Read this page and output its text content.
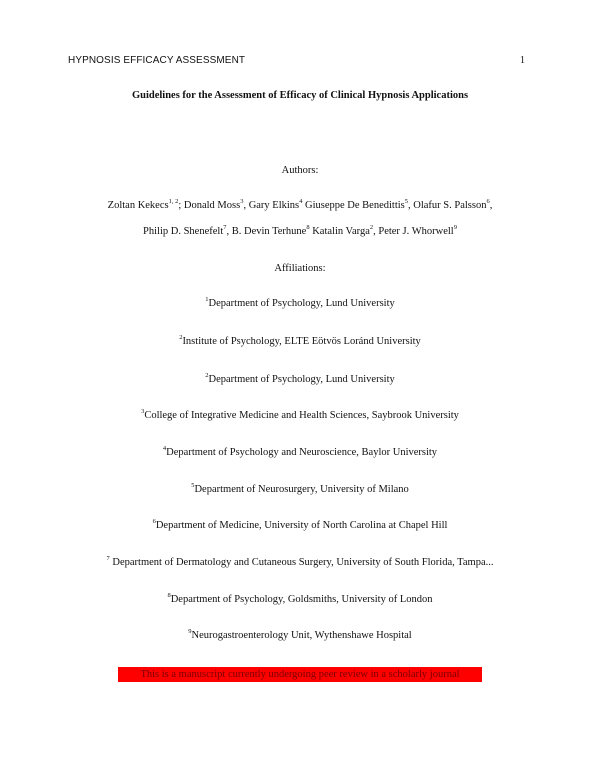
HYPNOSIS EFFICACY ASSESSMENT	1
Guidelines for the Assessment of Efficacy of Clinical Hypnosis Applications
Authors:
Zoltan Kekecs$^{1, 2}$; Donald Moss$^3$, Gary Elkins$^4$ Giuseppe De Benedittis$^5$, Olafur S. Palsson$^6$,
Philip D. Shenefelt$^7$, B. Devin Terhune$^8$ Katalin Varga$^2$, Peter J. Whorwell$^9$
Affiliations:
$^1$Department of Psychology, Lund University
$^2$Institute of Psychology, ELTE Eötvös Loránd University
$^2$Department of Psychology, Lund University
$^3$College of Integrative Medicine and Health Sciences, Saybrook University
$^4$Department of Psychology and Neuroscience, Baylor University
$^5$Department of Neurosurgery, University of Milano
$^6$Department of Medicine, University of North Carolina at Chapel Hill
$^7$ Department of Dermatology and Cutaneous Surgery, University of South Florida, Tampa...
$^8$Department of Psychology, Goldsmiths, University of London
$^9$Neurogastroenterology Unit, Wythenshawe Hospital
This is a manuscript currently undergoing peer review in a scholarly journal
